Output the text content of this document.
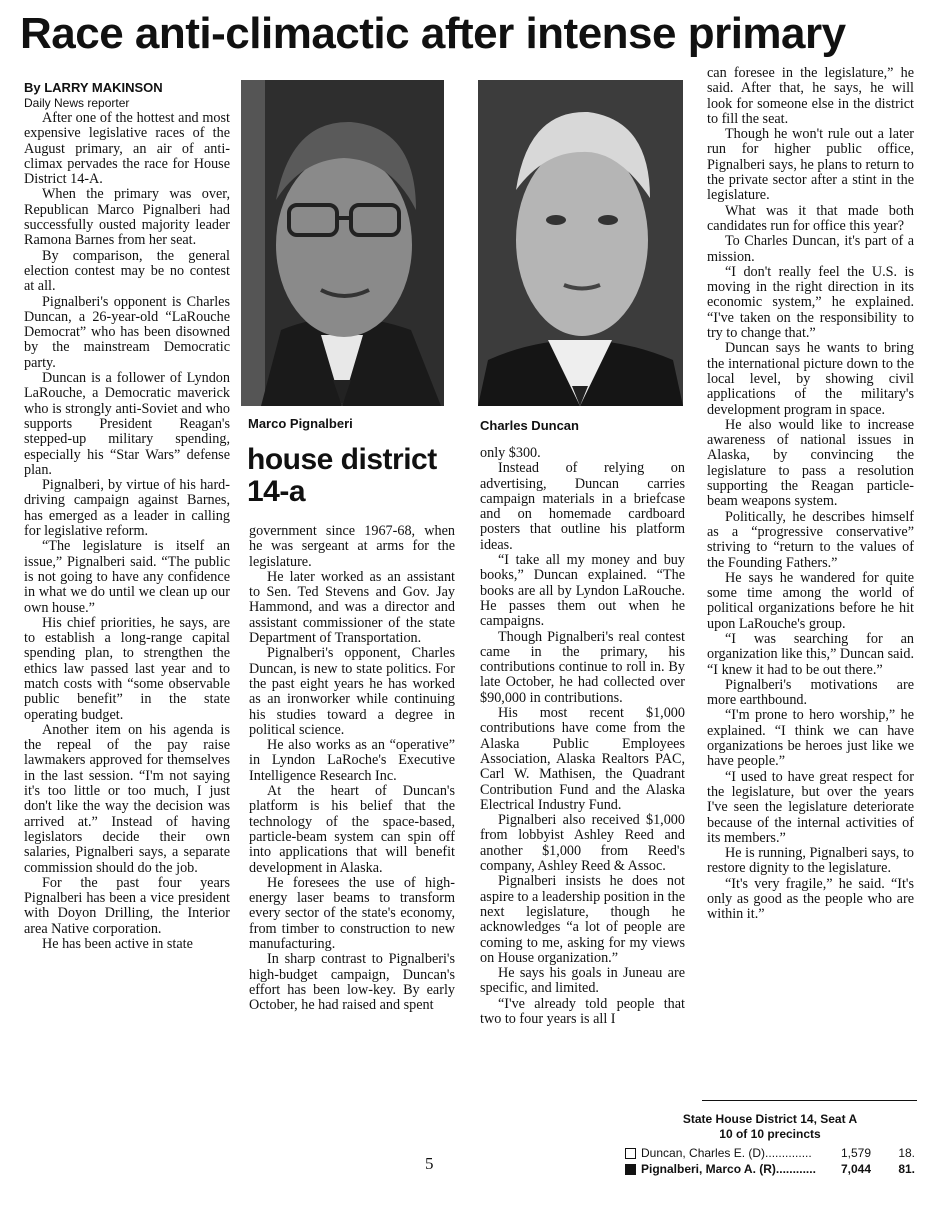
Race anti-climactic after intense primary

By LARRY MAKINSON

Daily News reporter

After one of the hottest and most expensive legislative races of the August primary, an air of anti-climax pervades the race for House District 14-A.

When the primary was over, Republican Marco Pignalberi had successfully ousted majority leader Ramona Barnes from her seat.

By comparison, the general election contest may be no contest at all.

Pignalberi's opponent is Charles Duncan, a 26-year-old “LaRouche Democrat” who has been disowned by the mainstream Democratic party.

Duncan is a follower of Lyndon LaRouche, a Democratic maverick who is strongly anti-Soviet and who supports President Reagan's stepped-up military spending, especially his “Star Wars” defense plan.

Pignalberi, by virtue of his hard-driving campaign against Barnes, has emerged as a leader in calling for legislative reform.

“The legislature is itself an issue,” Pignalberi said. “The public is not going to have any confidence in what we do until we clean up our own house.”

His chief priorities, he says, are to establish a long-range capital spending plan, to strengthen the ethics law passed last year and to match costs with “some observable public benefit” in the state operating budget.

Another item on his agenda is the repeal of the pay raise lawmakers approved for themselves in the last session. “I'm not saying it's too little or too much, I just don't like the way the decision was arrived at.” Instead of having legislators decide their own salaries, Pignalberi says, a separate commission should do the job.

For the past four years Pignalberi has been a vice president with Doyon Drilling, the Interior area Native corporation.

He has been active in state

Marco Pignalberi	Charles Duncan
house district 14-a

government since 1967-68, when he was sergeant at arms for the legislature.

He later worked as an assistant to Sen. Ted Stevens and Gov. Jay Hammond, and was a director and assistant commissioner of the state Department of Transportation.

Pignalberi's opponent, Charles Duncan, is new to state politics. For the past eight years he has worked as an ironworker while continuing his studies toward a degree in political science.

He also works as an “operative” in Lyndon LaRoche's Executive Intelligence Research Inc.

At the heart of Duncan's platform is his belief that the technology of the space-based, particle-beam system can spin off into applications that will benefit development in Alaska.

He foresees the use of high-energy laser beams to transform every sector of the state's economy, from timber to construction to new manufacturing.

In sharp contrast to Pignalberi's high-budget campaign, Duncan's effort has been low-key. By early October, he had raised and spent

only $300.

Instead of relying on advertising, Duncan carries campaign materials in a briefcase and on homemade cardboard posters that outline his platform ideas.

“I take all my money and buy books,” Duncan explained. “The books are all by Lyndon LaRouche. He passes them out when he campaigns.

Though Pignalberi's real contest came in the primary, his contributions continue to roll in. By late October, he had collected over $90,000 in contributions.

His most recent $1,000 contributions have come from the Alaska Public Employees Association, Alaska Realtors PAC, Carl W. Mathisen, the Quadrant Contribution Fund and the Alaska Electrical Industry Fund.

Pignalberi also received $1,000 from lobbyist Ashley Reed and another $1,000 from Reed's company, Ashley Reed & Assoc.

Pignalberi insists he does not aspire to a leadership position in the next legislature, though he acknowledges “a lot of people are coming to me, asking for my views on House organization.”

He says his goals in Juneau are specific, and limited.

“I've already told people that two to four years is all I

can foresee in the legislature,” he said. After that, he says, he will look for someone else in the district to fill the seat.

Though he won't rule out a later run for higher public office, Pignalberi says, he plans to return to the private sector after a stint in the legislature.

What was it that made both candidates run for office this year?

To Charles Duncan, it's part of a mission.

“I don't really feel the U.S. is moving in the right direction in its economic system,” he explained. “I've taken on the responsibility to try to change that.”

Duncan says he wants to bring the international picture down to the local level, by showing civil applications of the military's development program in space.

He also would like to increase awareness of national issues in Alaska, by convincing the legislature to pass a resolution supporting the Reagan particle-beam weapons system.

Politically, he describes himself as a “progressive conservative” striving to “return to the values of the Founding Fathers.”

He says he wandered for quite some time among the world of political organizations before he hit upon LaRouche's group.

“I was searching for an organization like this,” Duncan said. “I knew it had to be out there.”

Pignalberi's motivations are more earthbound.

“I'm prone to hero worship,” he explained. “I think we can have organizations be heroes just like we have people.”

“I used to have great respect for the legislature, but over the years I've seen the legislature deteriorate because of the internal activities of its members.”

He is running, Pignalberi says, to restore dignity to the legislature.

“It's very fragile,” he said. “It's only as good as the people who are within it.”

State House District 14, Seat A
10 of 10 precincts
Duncan, Charles E. (D)..............	1,579 18.
Pignalberi, Marco A. (R)............	7,044 81.
5
